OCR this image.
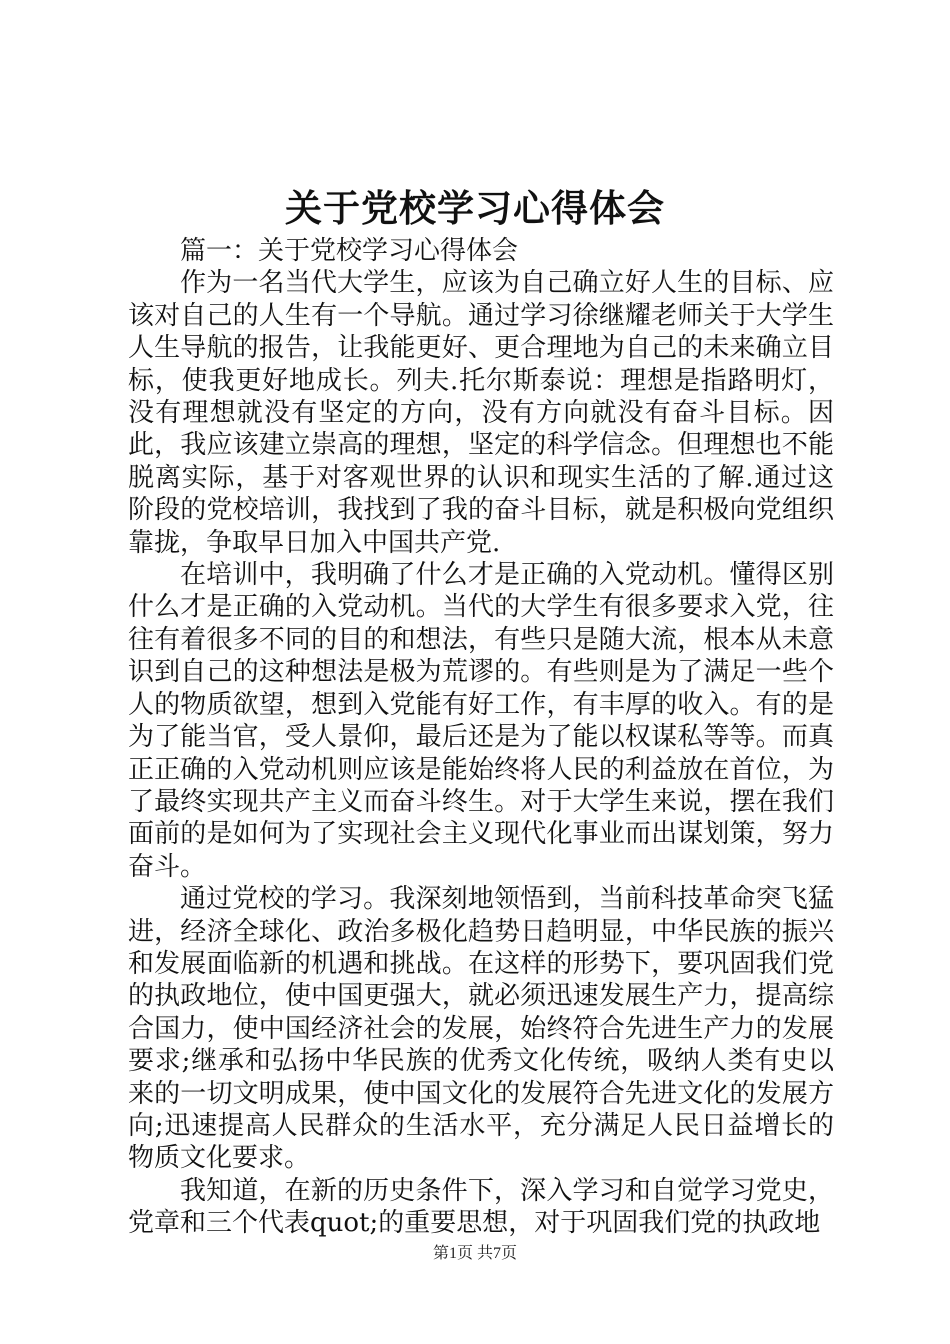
关于党校学习心得体会

篇一：关于党校学习心得体会

作为一名当代大学生，应该为自己确立好人生的目标、应该对自己的人生有一个导航。通过学习徐继耀老师关于大学生人生导航的报告，让我能更好、更合理地为自己的未来确立目标，使我更好地成长。列夫.托尔斯泰说：理想是指路明灯，没有理想就没有坚定的方向，没有方向就没有奋斗目标。因此，我应该建立崇高的理想，坚定的科学信念。但理想也不能脱离实际，基于对客观世界的认识和现实生活的了解.通过这阶段的党校培训，我找到了我的奋斗目标，就是积极向党组织靠拢，争取早日加入中国共产党.

在培训中，我明确了什么才是正确的入党动机。懂得区别什么才是正确的入党动机。当代的大学生有很多要求入党，往往有着很多不同的目的和想法，有些只是随大流，根本从未意识到自己的这种想法是极为荒谬的。有些则是为了满足一些个人的物质欲望，想到入党能有好工作，有丰厚的收入。有的是为了能当官，受人景仰，最后还是为了能以权谋私等等。而真正正确的入党动机则应该是能始终将人民的利益放在首位，为了最终实现共产主义而奋斗终生。对于大学生来说，摆在我们面前的是如何为了实现社会主义现代化事业而出谋划策，努力奋斗。

通过党校的学习。我深刻地领悟到，当前科技革命突飞猛进，经济全球化、政治多极化趋势日趋明显，中华民族的振兴和发展面临新的机遇和挑战。在这样的形势下，要巩固我们党的执政地位，使中国更强大，就必须迅速发展生产力，提高综合国力，使中国经济社会的发展，始终符合先进生产力的发展要求;继承和弘扬中华民族的优秀文化传统，吸纳人类有史以来的一切文明成果，使中国文化的发展符合先进文化的发展方向;迅速提高人民群众的生活水平，充分满足人民日益增长的物质文化要求。

我知道，在新的历史条件下，深入学习和自觉学习党史，党章和三个代表quot;的重要思想，对于巩固我们党的执政地

第1页 共7页
